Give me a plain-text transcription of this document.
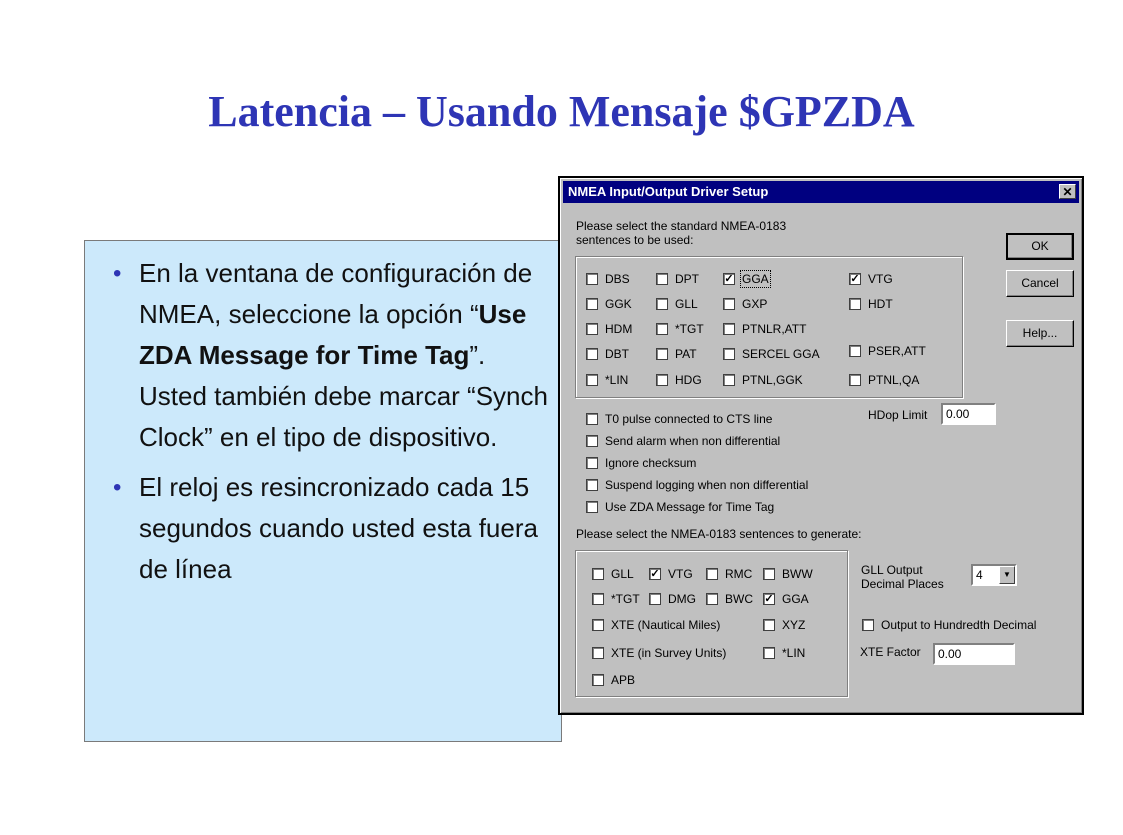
Latencia – Usando Mensaje $GPZDA
• En la ventana de configuración de NMEA, seleccione la opción “Use ZDA Message for Time Tag”. Usted también debe marcar “Synch Clock” en el tipo de dispositivo.
• El reloj es resincronizado cada 15 segundos cuando usted esta fuera de línea
NMEA Input/Output Driver Setup	✕
Please select the standard NMEA-0183
sentences to be used:
DBS	DPT ✓ GGA	✓ VTG
GGK	GLL	GXP	HDT
HDM	*TGT	PTNLR,ATT
DBT	PAT	SERCEL GGA	PSER,ATT
*LIN	HDG	PTNL,GGK	PTNL,QA
OK
Cancel
Help...
T0 pulse connected to CTS line
Send alarm when non differential
Ignore checksum
Suspend logging when non differential
Use ZDA Message for Time Tag
HDop Limit	0.00
Please select the NMEA-0183 sentences to generate:
GLL ✓ VTG	RMC BWW
*TGT DMG BWC ✓ GGA
XTE (Nautical Miles)	XYZ
XTE (in Survey Units)	*LIN
APB
GLL Output
Decimal Places
4	▼
Output to Hundredth Decimal
XTE Factor	0.00
